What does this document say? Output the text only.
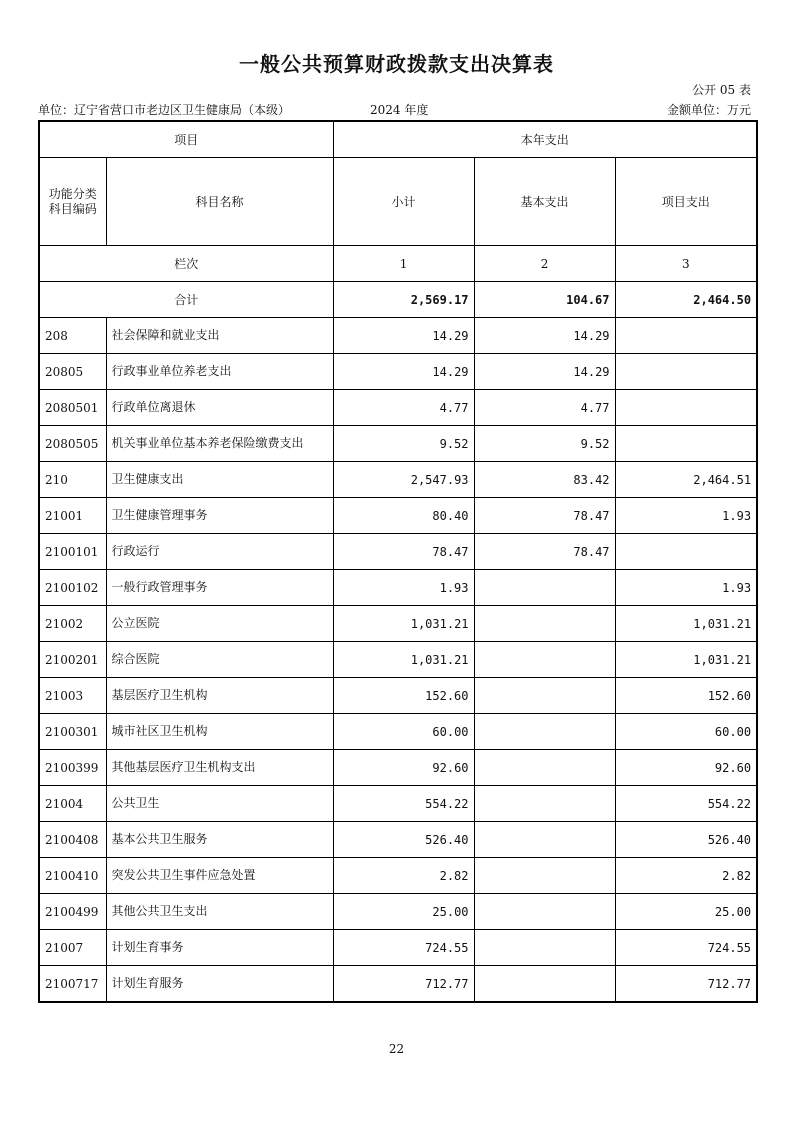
一般公共预算财政拨款支出决算表
公开 05 表
单位：辽宁省营口市老边区卫生健康局（本级）	2024 年度	金额单位：万元
项目		本年支出		

功能分类科目编码	科目名称	小计	基本支出	项目支出
栏次		1	2	3
合计		2,569.17	104.67	2,464.50
208	社会保障和就业支出	14.29	14.29	
20805	行政事业单位养老支出	14.29	14.29	
2080501	行政单位离退休	4.77	4.77	
2080505	机关事业单位基本养老保险缴费支出	9.52	9.52	
210	卫生健康支出	2,547.93	83.42	2,464.51
21001	卫生健康管理事务	80.40	78.47	1.93
2100101	行政运行	78.47	78.47	
2100102	一般行政管理事务	1.93		1.93
21002	公立医院	1,031.21		1,031.21
2100201	综合医院	1,031.21		1,031.21
21003	基层医疗卫生机构	152.60		152.60
2100301	城市社区卫生机构	60.00		60.00
2100399	其他基层医疗卫生机构支出	92.60		92.60
21004	公共卫生	554.22		554.22
2100408	基本公共卫生服务	526.40		526.40
2100410	突发公共卫生事件应急处置	2.82		2.82
2100499	其他公共卫生支出	25.00		25.00
21007	计划生育事务	724.55		724.55
2100717	计划生育服务	712.77		712.77
22
